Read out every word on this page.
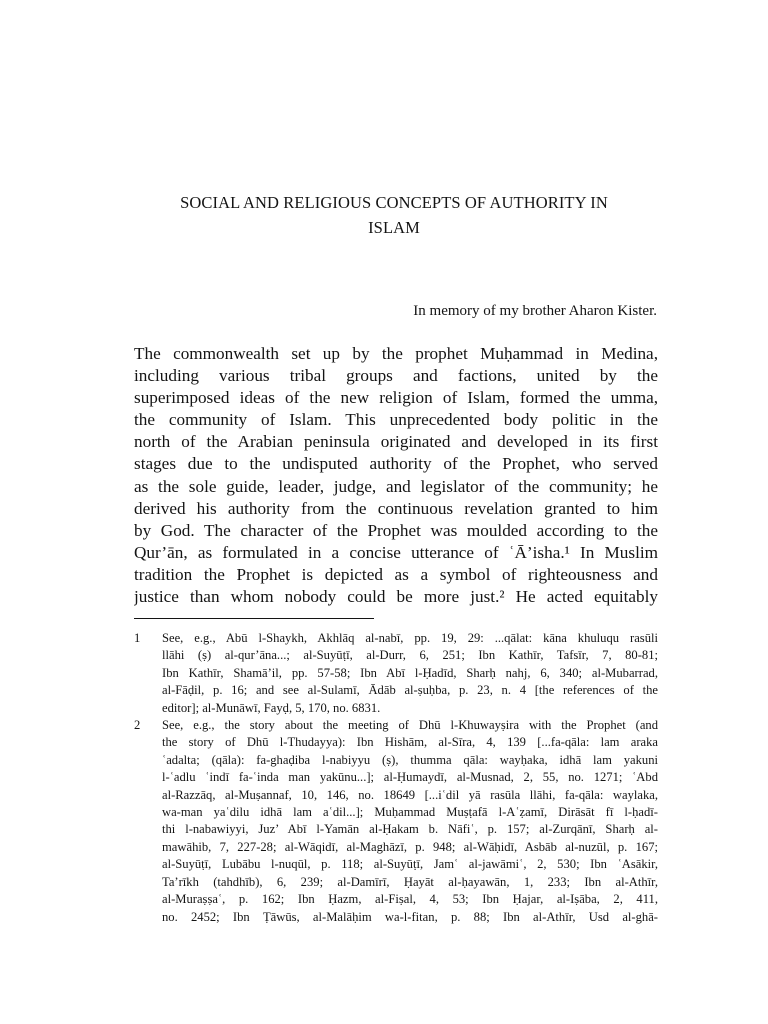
SOCIAL AND RELIGIOUS CONCEPTS OF AUTHORITY IN
ISLAM
In memory of my brother Aharon Kister.
The commonwealth set up by the prophet Muḥammad in Medina,
including various tribal groups and factions, united by the
superimposed ideas of the new religion of Islam, formed the umma,
the community of Islam. This unprecedented body politic in the
north of the Arabian peninsula originated and developed in its first
stages due to the undisputed authority of the Prophet, who served
as the sole guide, leader, judge, and legislator of the community; he
derived his authority from the continuous revelation granted to him
by God. The character of the Prophet was moulded according to the
Qur’ān, as formulated in a concise utterance of ʿĀ’isha.¹ In Muslim
tradition the Prophet is depicted as a symbol of righteousness and
justice than whom nobody could be more just.² He acted equitably
1 See, e.g., Abū l-Shaykh, Akhlāq al-nabī, pp. 19, 29: ...qālat: kāna khuluqu rasūli
llāhi (ṣ) al-qur’āna...; al-Suyūṭī, al-Durr, 6, 251; Ibn Kathīr, Tafsīr, 7, 80-81;
Ibn Kathīr, Shamā’il, pp. 57-58; Ibn Abī l-Ḥadīd, Sharḥ nahj, 6, 340; al-Mubarrad,
al-Fāḍil, p. 16; and see al-Sulamī, Ādāb al-ṣuḥba, p. 23, n. 4 [the references of the
editor]; al-Munāwī, Fayḍ, 5, 170, no. 6831.
2 See, e.g., the story about the meeting of Dhū l-Khuwayṣira with the Prophet (and
the story of Dhū l-Thudayya): Ibn Hishām, al-Sīra, 4, 139 [...fa-qāla: lam araka
ʿadalta; (qāla): fa-ghaḍiba l-nabiyyu (ṣ), thumma qāla: wayḥaka, idhā lam yakuni
l-ʿadlu ʿindī fa-ʿinda man yakūnu...]; al-Ḥumaydī, al-Musnad, 2, 55, no. 1271; ʿAbd
al-Razzāq, al-Muṣannaf, 10, 146, no. 18649 [...iʿdil yā rasūla llāhi, fa-qāla: waylaka,
wa-man yaʿdilu idhā lam aʿdil...]; Muḥammad Muṣṭafā l-Aʿẓamī, Dirāsāt fī l-ḥadī-
thi l-nabawiyyi, Juz’ Abī l-Yamān al-Ḥakam b. Nāfiʿ, p. 157; al-Zurqānī, Sharḥ al-
mawāhib, 7, 227-28; al-Wāqidī, al-Maghāzī, p. 948; al-Wāḥidī, Asbāb al-nuzūl, p. 167;
al-Suyūṭī, Lubābu l-nuqūl, p. 118; al-Suyūṭī, Jamʿ al-jawāmiʿ, 2, 530; Ibn ʿAsākir,
Ta’rīkh (tahdhīb), 6, 239; al-Damīrī, Ḥayāt al-ḥayawān, 1, 233; Ibn al-Athīr,
al-Muraṣṣaʿ, p. 162; Ibn Ḥazm, al-Fiṣal, 4, 53; Ibn Ḥajar, al-Iṣāba, 2, 411,
no. 2452; Ibn Ṭāwūs, al-Malāḥim wa-l-fitan, p. 88; Ibn al-Athīr, Usd al-ghā-
